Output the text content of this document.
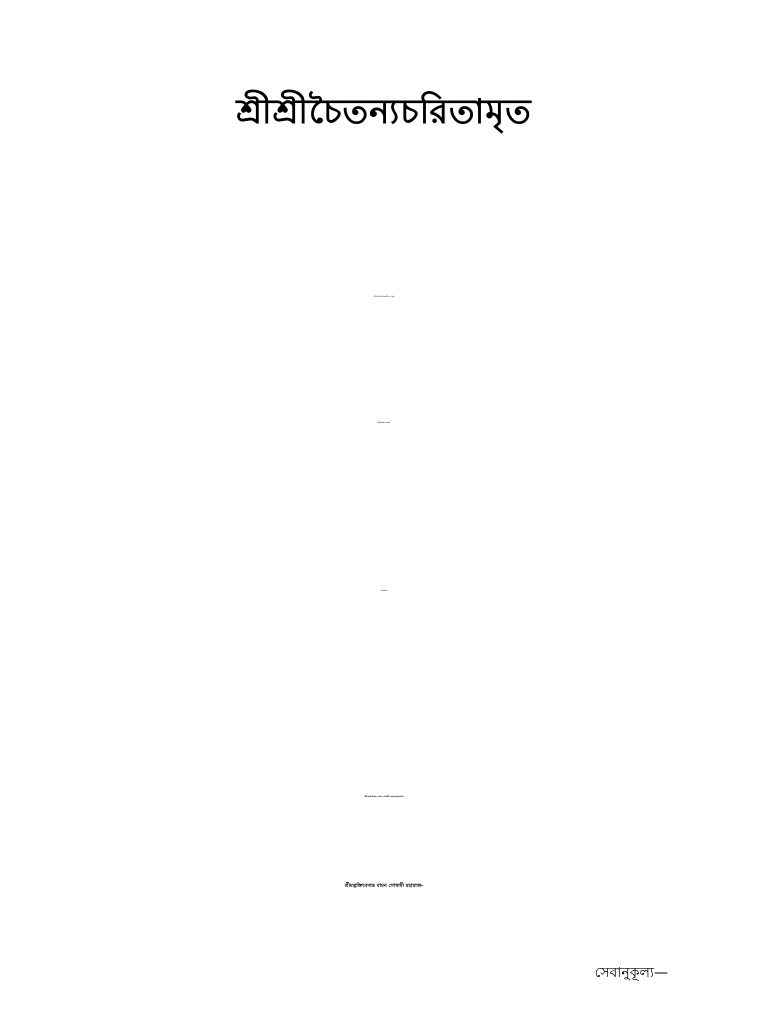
শ্রীশ্রীচৈতন্যচরিতামৃত
আদি-মধ্য-অন্ত্যলীলা—মূল
অমৃতপ্রবাহ-ভাষ্য,
অনুভাষ্য
শ্রীমদ্ভক্তিপ্রজ্ঞান কেশব গোস্বামী মহারাজানুকম্পিত
শ্রীমদ্ভক্তিবেদান্ত বামন গোস্বামী মহারাজ-
সেবানুকূল্য—
